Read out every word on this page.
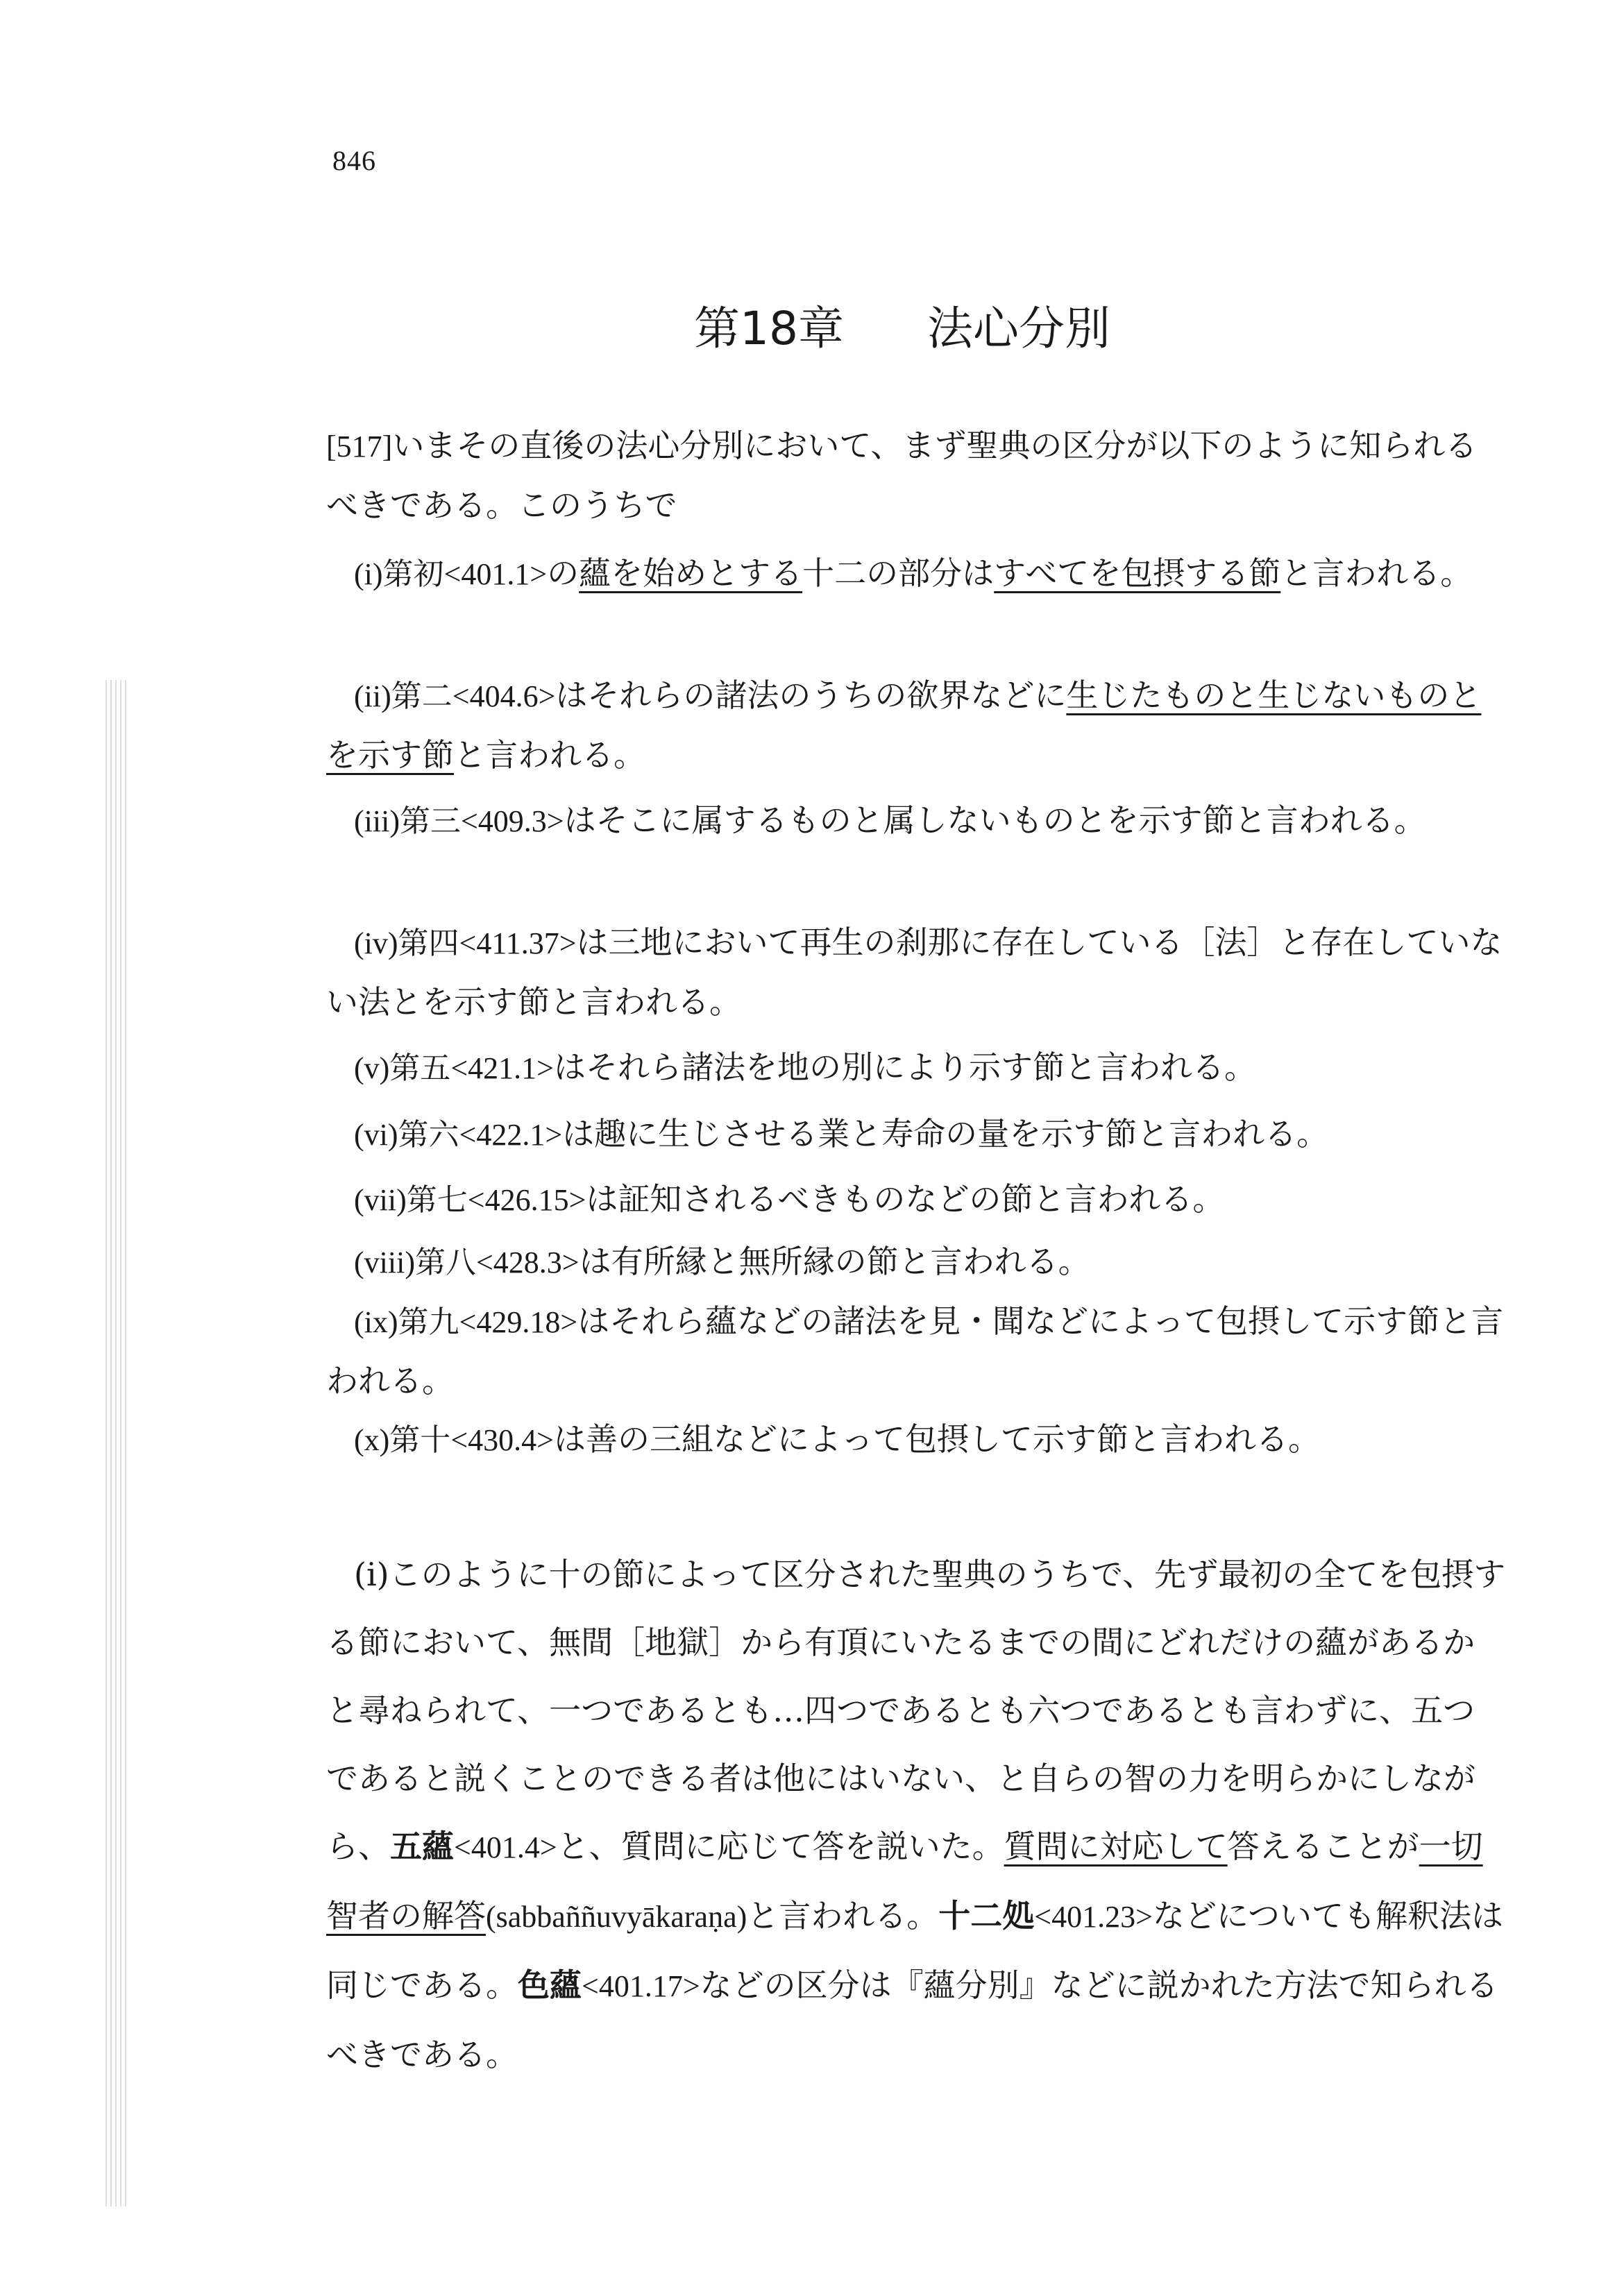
846
第18章 法心分別

[517]いまその直後の法心分別において、まず聖典の区分が以下のように知られるべきである。このうちで

(i)第初<401.1>の蘊を始めとする十二の部分はすべてを包摂する節と言われる。

(ii)第二<404.6>はそれらの諸法のうちの欲界などに生じたものと生じないものとを示す節と言われる。

(iii)第三<409.3>はそこに属するものと属しないものとを示す節と言われる。

(iv)第四<411.37>は三地において再生の刹那に存在している［法］と存在していない法とを示す節と言われる。

(v)第五<421.1>はそれら諸法を地の別により示す節と言われる。

(vi)第六<422.1>は趣に生じさせる業と寿命の量を示す節と言われる。

(vii)第七<426.15>は証知されるべきものなどの節と言われる。

(viii)第八<428.3>は有所縁と無所縁の節と言われる。

(ix)第九<429.18>はそれら蘊などの諸法を見・聞などによって包摂して示す節と言われる。

(x)第十<430.4>は善の三組などによって包摂して示す節と言われる。

(i)このように十の節によって区分された聖典のうちで、先ず最初の全てを包摂する節において、無間［地獄］から有頂にいたるまでの間にどれだけの蘊があるかと尋ねられて、一つであるとも…四つであるとも六つであるとも言わずに、五つであると説くことのできる者は他にはいない、と自らの智の力を明らかにしながら、五蘊<401.4>と、質問に応じて答を説いた。質問に対応して答えることが一切智者の解答(sabbaññuvyākaraṇa)と言われる。十二処<401.23>などについても解釈法は同じである。色蘊<401.17>などの区分は『蘊分別』などに説かれた方法で知られるべきである。
